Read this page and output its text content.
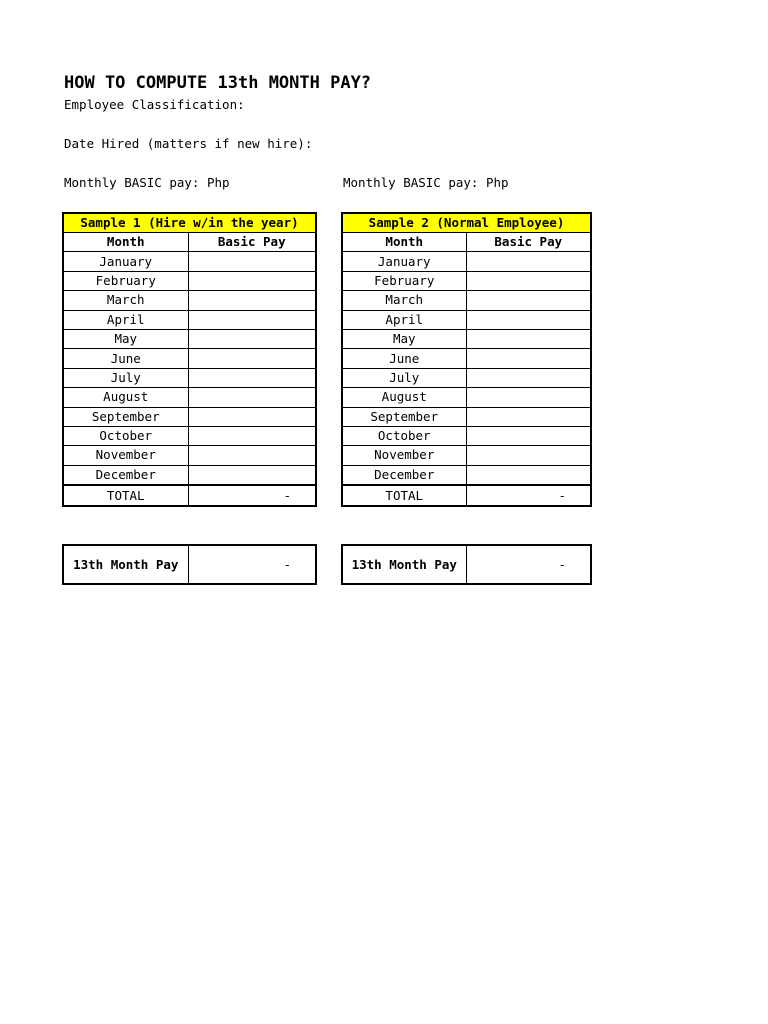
HOW TO COMPUTE 13th MONTH PAY?
Employee Classification:
Date Hired (matters if new hire):
Monthly BASIC pay: Php	Monthly BASIC pay: Php
Sample 1 (Hire w/in the year)	
Month	Basic Pay
January	
February	
March	
April	
May	
June	
July	
August	
September	
October	
November	
December	
TOTAL	-
Sample 2 (Normal Employee)	
Month	Basic Pay
January	
February	
March	
April	
May	
June	
July	
August	
September	
October	
November	
December	
TOTAL	-
13th Month Pay	-	13th Month Pay	-
